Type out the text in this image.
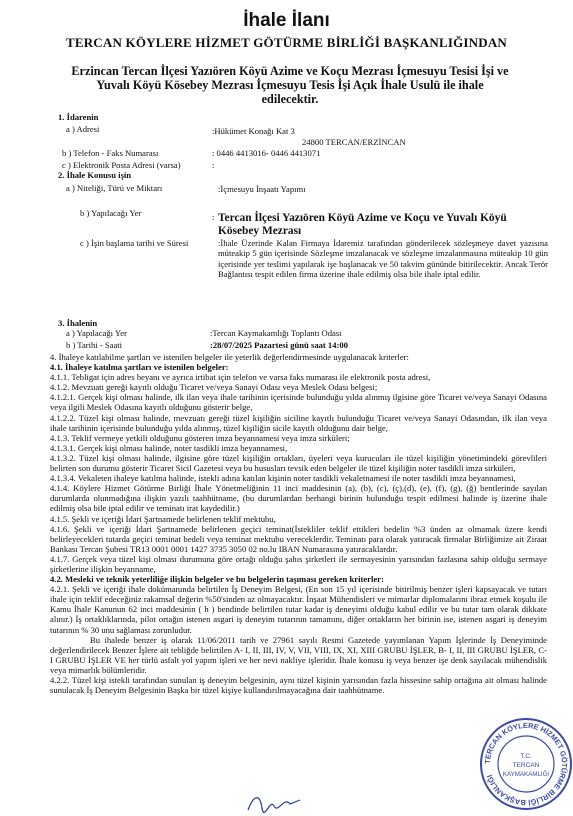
İhale İlanı
TERCAN KÖYLERE HİZMET GÖTÜRME BİRLİĞİ BAŞKANLIĞINDAN
Erzincan Tercan İlçesi Yazıören Köyü Azime ve Koçu Mezrası İçmesuyu Tesisi İşi ve
Yuvalı Köyü Kösebey Mezrası İçmesuyu Tesis İşi Açık İhale Usulü ile ihale
edilecektir.
1. İdarenin
a ) Adresi	:Hükümet Konağı Kat 3
24800 TERCAN/ERZİNCAN
b ) Telefon - Faks Numarası	: 0446 4413016- 0446 4413071
c ) Elektronik Posta Adresi (varsa)	:
2. İhale Konusu işin
a ) Niteliği, Türü ve Miktarı	:İçmesuyu İnşaatı Yapımı
b ) Yapılacağı Yer	: Tercan İlçesi Yazıören Köyü Azime ve Koçu ve Yuvalı Köyü Kösebey Mezrası
c ) İşin başlama tarihi ve Süresi	:İhale Üzerinde Kalan Firmaya İdaremiz tarafından gönderilecek sözleşmeye davet yazısına müteakip 5 gün içerisinde Sözleşme imzalanacak ve sözleşme imzalanmasına müteakip 10 gün içerisinde yer teslimi yapılarak işe başlanacak ve 50 takvim gününde bitirilecektir. Ancak Terör Bağlantısı tespit edilen firma üzerine ihale edilmiş olsa bile ihale iptal edilir.
3. İhalenin
a ) Yapılacağı Yer	:Tercan Kaymakamlığı Toplantı Odası
b ) Tarihi - Saati	:28/07/2025 Pazartesi günü saat 14:00
4. İhaleye katılabilme şartları ve istenilen belgeler ile yeterlik değerlendirmesinde uygulanacak kriterler:
4.1. İhaleye katılma şartları ve istenilen belgeler:
4.1.1. Tebligat için adres beyanı ve ayrıca irtibat için telefon ve varsa faks numarası ile elektronik posta adresi,
4.1.2. Mevzuatı gereği kayıtlı olduğu Ticaret ve/veya Sanayi Odası veya Meslek Odası belgesi;
4.1.2.1. Gerçek kişi olması halinde, ilk ilan veya ihale tarihinin içerisinde bulunduğu yılda alınmış ilgisine göre Ticaret ve/veya Sanayi Odasına veya ilgili Meslek Odasına kayıtlı olduğunu gösterir belge,
4.1.2.2. Tüzel kişi olması halinde, mevzuatı gereği tüzel kişiliğin siciline kayıtlı bulunduğu Ticaret ve/veya Sanayi Odasından, ilk ilan veya ihale tarihinin içerisinde bulunduğu yılda alınmış, tüzel kişiliğin sicile kayıtlı olduğunu dair belge,
4.1.3. Teklif vermeye yetkili olduğunu gösteren imza beyannamesi veya imza sirküleri;
4.1.3.1. Gerçek kişi olması halinde, noter tasdikli imza beyannamesi,
4.1.3.2. Tüzel kişi olması halinde, ilgisine göre tüzel kişiliğin ortakları, üyeleri veya kurucuları ile tüzel kişiliğin yönetimindeki görevlileri belirten son durumu gösterir Ticaret Sicil Gazetesi veya bu hususları tevsik eden belgeler ile tüzel kişiliğin noter tasdikli imza sirküleri,
4.1.3.4. Vekaleten ihaleye katılma halinde, istekli adına katılan kişinin noter tasdikli vekaletnamesi ile noter tasdikli imza beyannamesi,
4.1.4. Köylere Hizmet Götürme Birliği İhale Yönetmeliğinin 11 inci maddesinin (a), (b), (c), (ç),(d), (e), (f), (g), (ğ) bentlerinde sayılan durumlarda olunmadığına ilişkin yazılı taahhütname, (bu durumlardan herhangi birinin bulunduğu tespit edilmesi halinde iş üzerine ihale edilmiş olsa bile iptal edilir ve teminatı irat kaydedilir.)
4.1.5. Şekli ve içeriği İdari Şartnamede belirlenen teklif mektubu,
4.1.6. Şekli ve içeriği İdari Şartnamede belirlenen geçici teminat(İstekliler teklif ettikleri bedelin %3 ünden az olmamak üzere kendi belirleyecekleri tutarda geçici teminat bedeli veya teminat mektubu vereceklerdir. Teminatı para olarak yatıracak firmalar Birliğimize ait Ziraat Bankası Tercan Şubesi TR13 0001 0001 1427 3735 3050 02 no.lu IBAN Numarasına yatıracaklardır.
4.1.7. Gerçek veya tüzel kişi olması durumuna göre ortağı olduğu şahıs şirketleri ile sermayesinin yarısından fazlasına sahip olduğu sermaye şirketlerine ilişkin beyanname,
4.2. Mesleki ve teknik yeterliliğe ilişkin belgeler ve bu belgelerin taşıması gereken kriterler:
4.2.1. Şekli ve içeriği ihale dokümanında belirtilen İş Deneyim Belgesi, (En son 15 yıl içerisinde bitirilmiş benzer işleri kapsayacak ve tutarı ihale için teklif edeceğiniz rakamsal değerin %50'sinden az olmayacaktır. İnşaat Mühendisleri ve mimarlar diplomalarını ibraz etmek koşulu ile Kamu İhale Kanunun 62 inci maddesinin ( h ) bendinde belirtilen tutar kadar iş deneyimi olduğu kabul edilir ve bu tutar tam olarak dikkate alınır.) İş ortaklıklarında, pilot ortağın istenen asgari iş deneyim tutarının tamamını, diğer ortakların her birinin ise, istenen asgari iş deneyim tutarının % 30 unu sağlaması zorunludur.
Bu ihalede benzer iş olarak 11/06/2011 tarih ve 27961 sayılı Resmi Gazetede yayımlanan Yapım İşlerinde İş Deneyiminde değerlendirilecek Benzer İşlere ait tebliğde belirtilen A- I, II, III, IV, V, VII, VIII, IX, XI, XIII GRUBU İŞLER, B- I, II, III GRUBU İŞLER, C- I GRUBU İŞLER VE her türlü asfalt yol yapım işleri ve her nevi nakliye işleridir. İhale konusu iş veya benzer işe denk sayılacak mühendislik veya mimarlık bölümleridir.
4.2.2. Tüzel kişi istekli tarafından sunulan iş deneyim belgesinin, aynı tüzel kişinin yarısından fazla hissesine sahip ortağına ait olması halinde sunulacak İş Deneyim Belgesinin Başka bir tüzel kişiye kullandırılmayacağına dair taahhütname.
TERCAN KÖYLERE HİZMET GÖTÜRME BİRLİĞİ BAŞKANLIĞI
T.C.
TERCAN
KAYMAKAMLIĞI
